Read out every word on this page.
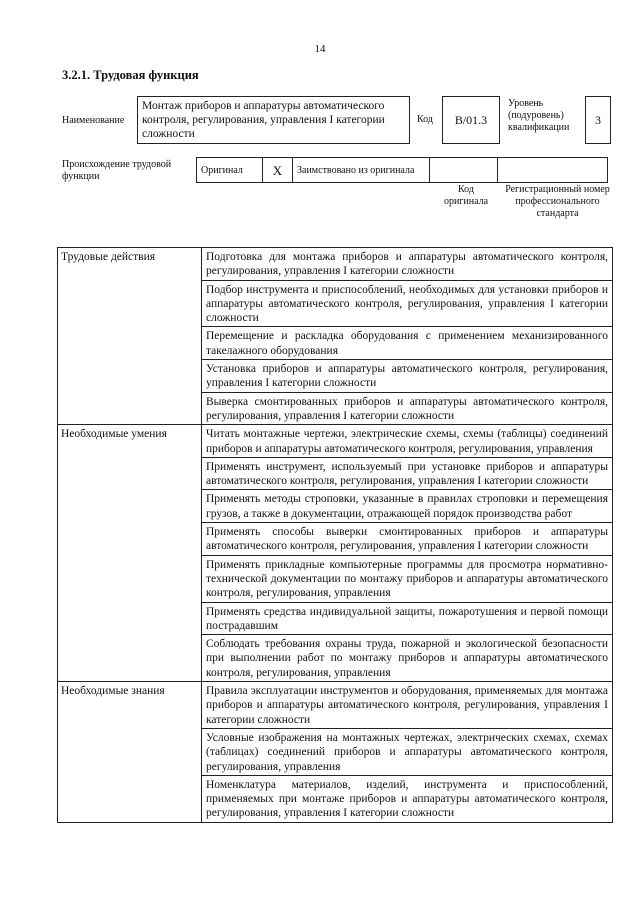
14
3.2.1. Трудовая функция
Наименование
Монтаж приборов и аппаратуры автоматического контроля, регулирования, управления I категории сложности
Код В/01.3
Уровень (подуровень) квалификации
3
Происхождение трудовой функции
Оригинал	X	Заимствовано из оригинала		
Код оригинала
Регистрационный номер профессионального стандарта
Трудовые действия	Подготовка для монтажа приборов и аппаратуры автоматического контроля, регулирования, управления I категории сложности
	Подбор инструмента и приспособлений, необходимых для установки приборов и аппаратуры автоматического контроля, регулирования, управления I категории сложности
	Перемещение и раскладка оборудования с применением механизированного такелажного оборудования
	Установка приборов и аппаратуры автоматического контроля, регулирования, управления I категории сложности
	Выверка смонтированных приборов и аппаратуры автоматического контроля, регулирования, управления I категории сложности
Необходимые умения	Читать монтажные чертежи, электрические схемы, схемы (таблицы) соединений приборов и аппаратуры автоматического контроля, регулирования, управления
	Применять инструмент, используемый при установке приборов и аппаратуры автоматического контроля, регулирования, управления I категории сложности
	Применять методы строповки, указанные в правилах строповки и перемещения грузов, а также в документации, отражающей порядок производства работ
	Применять способы выверки смонтированных приборов и аппаратуры автоматического контроля, регулирования, управления I категории сложности
	Применять прикладные компьютерные программы для просмотра нормативно-технической документации по монтажу приборов и аппаратуры автоматического контроля, регулирования, управления
	Применять средства индивидуальной защиты, пожаротушения и первой помощи пострадавшим
	Соблюдать требования охраны труда, пожарной и экологической безопасности при выполнении работ по монтажу приборов и аппаратуры автоматического контроля, регулирования, управления
Необходимые знания	Правила эксплуатации инструментов и оборудования, применяемых для монтажа приборов и аппаратуры автоматического контроля, регулирования, управления I категории сложности
	Условные изображения на монтажных чертежах, электрических схемах, схемах (таблицах) соединений приборов и аппаратуры автоматического контроля, регулирования, управления
	Номенклатура материалов, изделий, инструмента и приспособлений, применяемых при монтаже приборов и аппаратуры автоматического контроля, регулирования, управления I категории сложности
